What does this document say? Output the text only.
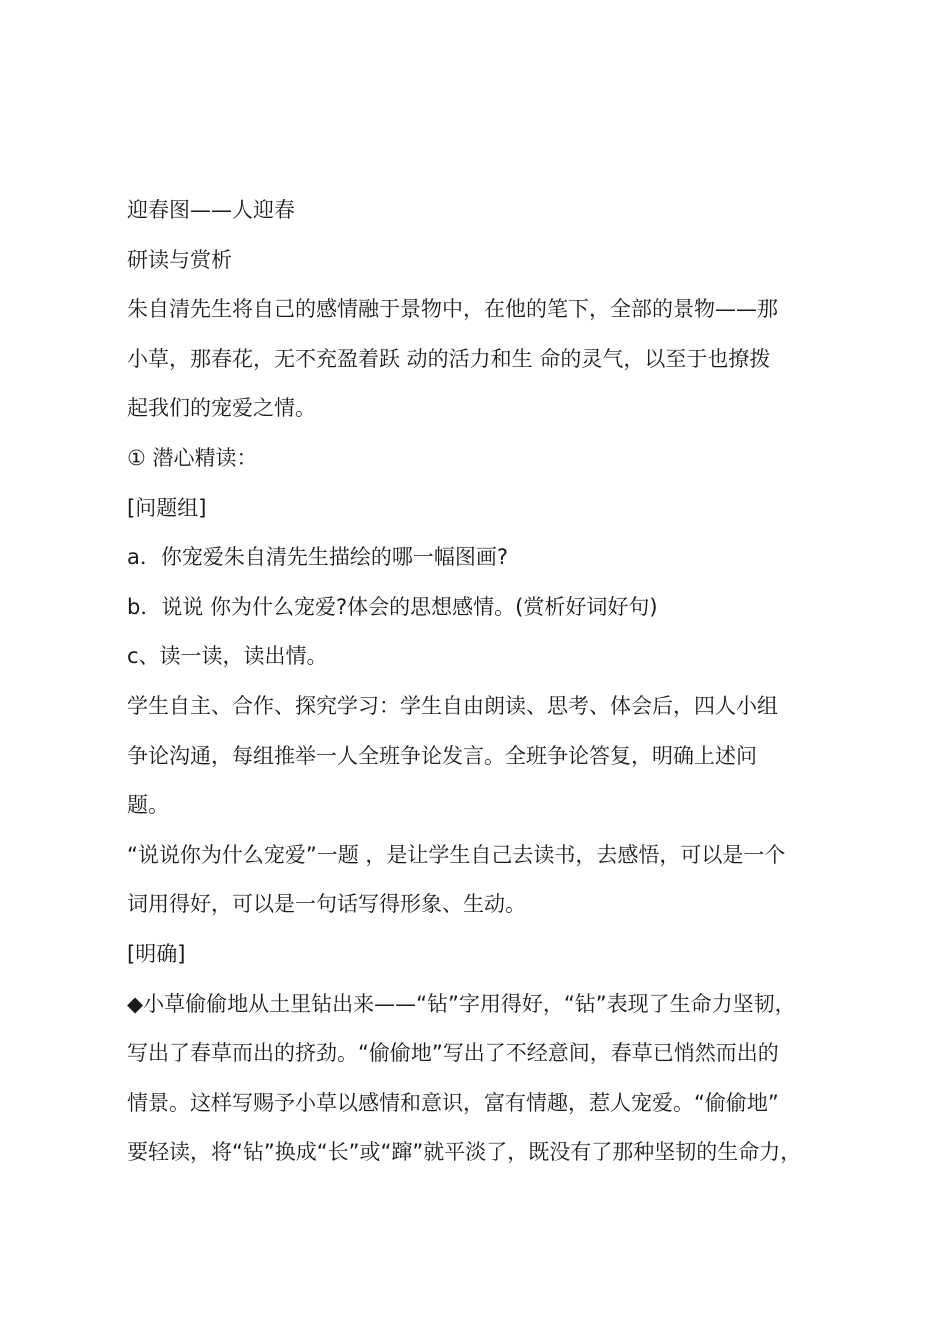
迎春图——人迎春

研读与赏析

朱自清先生将自己的感情融于景物中，在他的笔下，全部的景物——那

小草，那春花，无不充盈着跃 动的活力和生 命的灵气，以至于也撩拨

起我们的宠爱之情。

① 潜心精读：

[问题组]

a．你宠爱朱自清先生描绘的哪一幅图画?

b．说说 你为什么宠爱?体会的思想感情。(赏析好词好句)

c、读一读，读出情。

学生自主、合作、探究学习：学生自由朗读、思考、体会后，四人小组

争论沟通，每组推举一人全班争论发言。全班争论答复，明确上述问

题。

“说说你为什么宠爱”一题 ，是让学生自己去读书，去感悟，可以是一个

词用得好，可以是一句话写得形象、生动。

[明确]

◆小草偷偷地从土里钻出来——“钻”字用得好，“钻”表现了生命力坚韧，

写出了春草而出的挤劲。“偷偷地”写出了不经意间，春草已悄然而出的

情景。这样写赐予小草以感情和意识，富有情趣，惹人宠爱。“偷偷地”

要轻读，将“钻”换成“长”或“蹿”就平淡了，既没有了那种坚韧的生命力，
